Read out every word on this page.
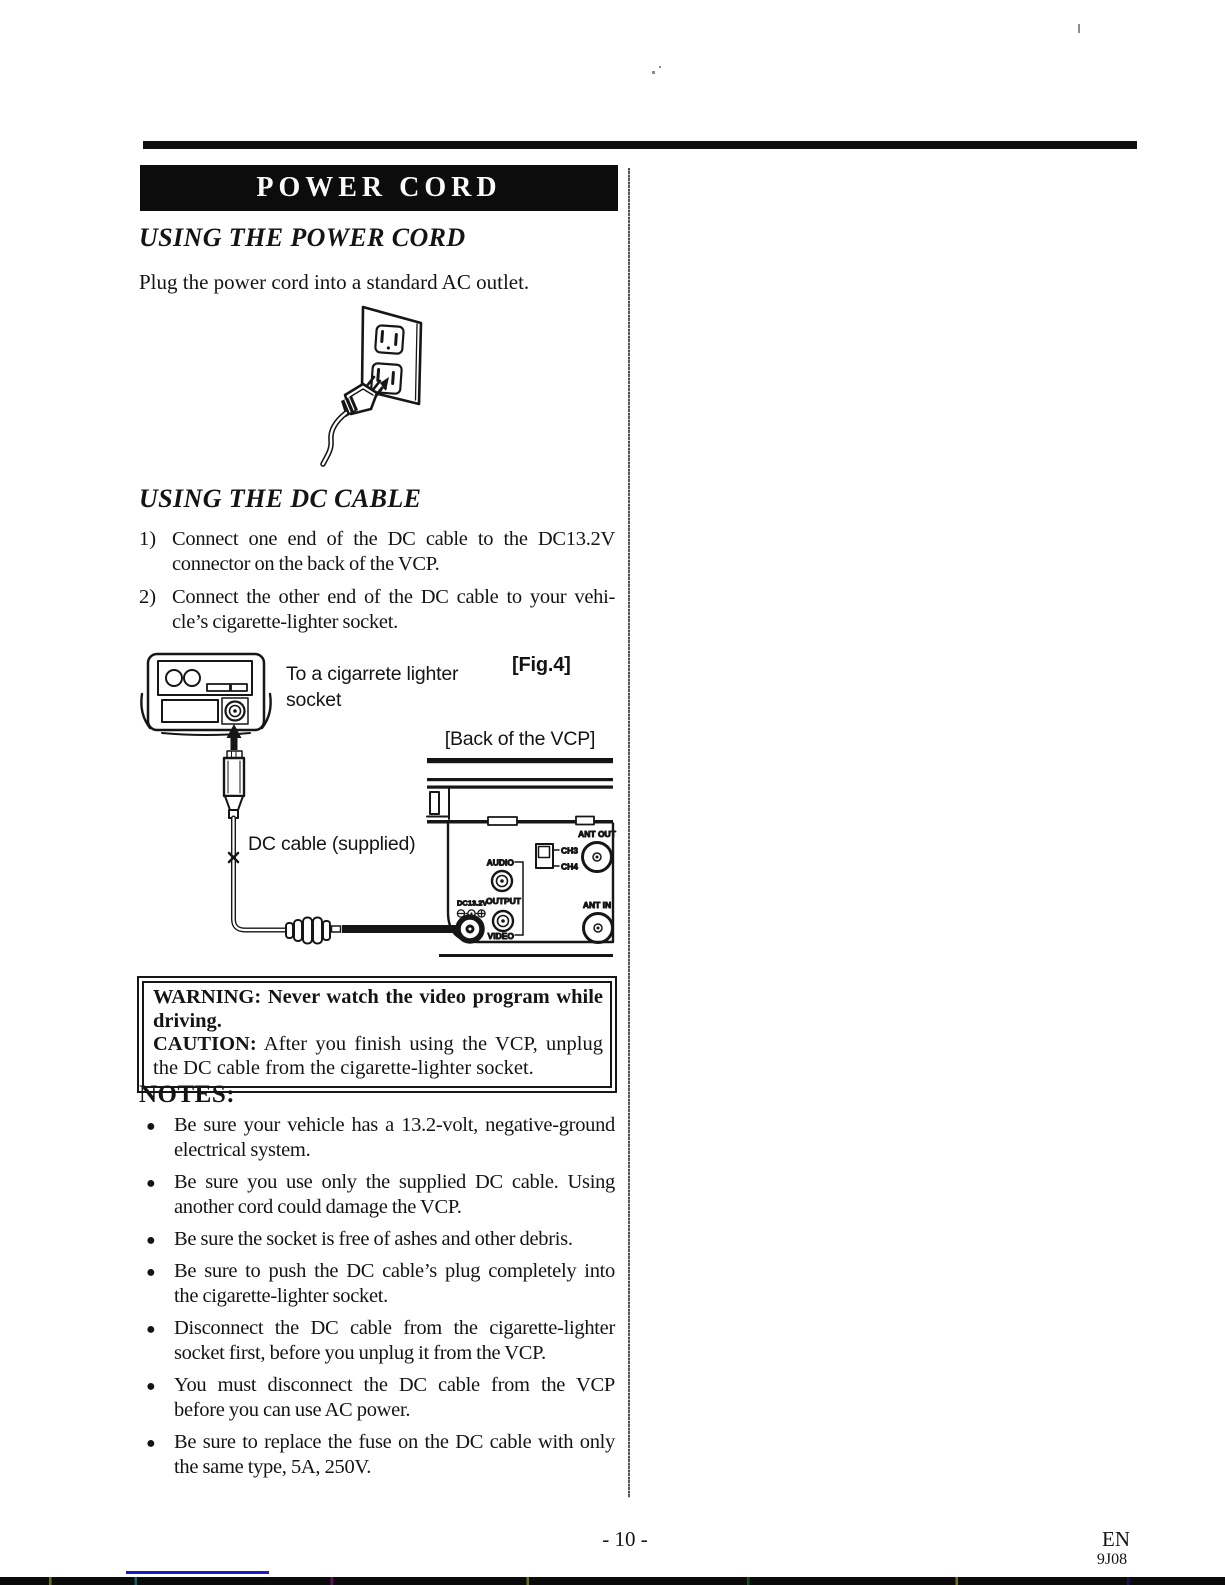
POWER CORD
USING THE POWER CORD
Plug the power cord into a standard AC outlet.
USING THE DC CABLE
1) Connect one end of the DC cable to the DC13.2V
connector on the back of the VCP.
2) Connect the other end of the DC cable to your vehi-
cle’s cigarette-lighter socket.
ANT OUT
CH3
CH4
AUDIO
OUTPUT
VIDEO
DC13.2V	ANT IN
[Fig.4]
To a cigarrete lighter
socket
[Back of the VCP]
DC cable (supplied)
WARNING: Never watch the video program while
driving.
CAUTION: After you finish using the VCP, unplug
the DC cable from the cigarette-lighter socket.
NOTES:
● Be sure your vehicle has a 13.2-volt, negative-ground
electrical system.
● Be sure you use only the supplied DC cable. Using
another cord could damage the VCP.
● Be sure the socket is free of ashes and other debris.
● Be sure to push the DC cable’s plug completely into
the cigarette-lighter socket.
● Disconnect the DC cable from the cigarette-lighter
socket first, before you unplug it from the VCP.
● You must disconnect the DC cable from the VCP
before you can use AC power.
● Be sure to replace the fuse on the DC cable with only
the same type, 5A, 250V.
- 10 -	EN
9J08
